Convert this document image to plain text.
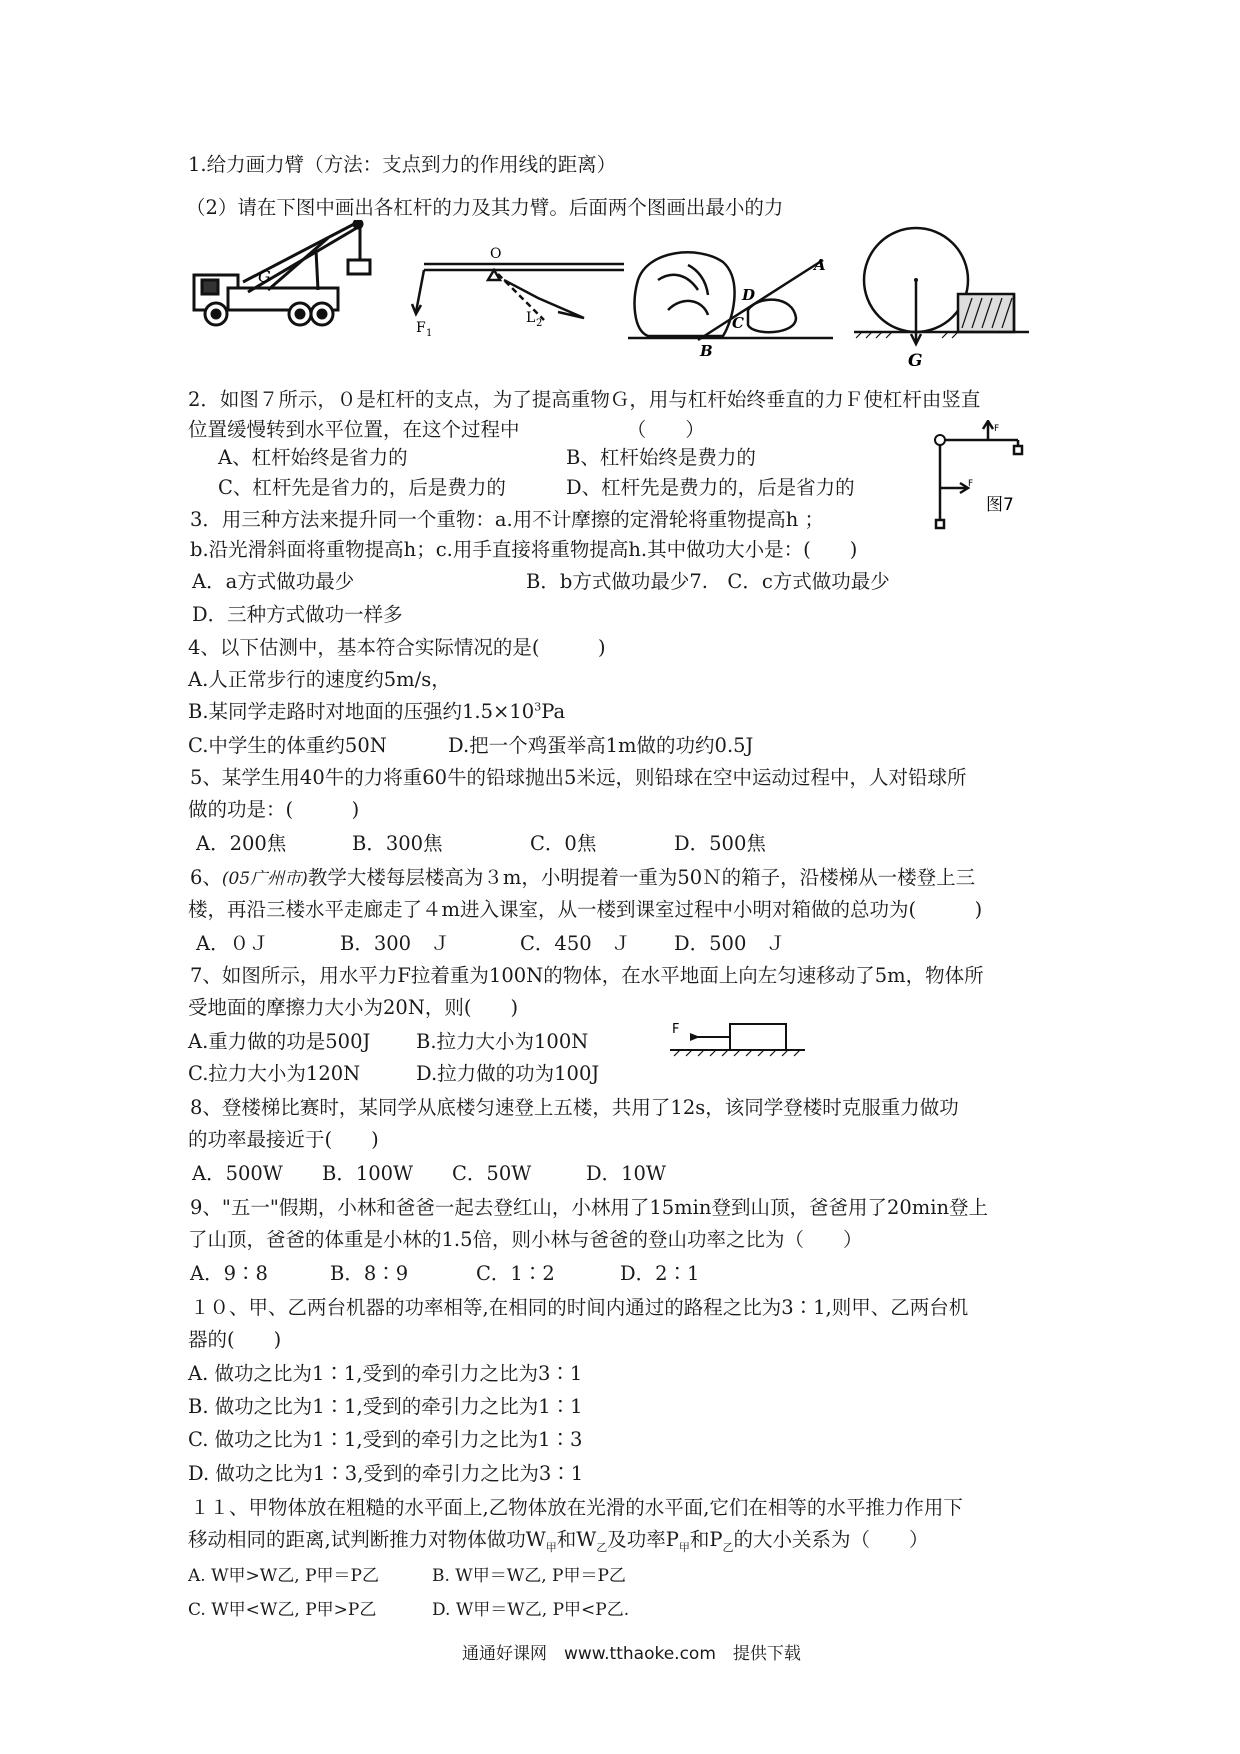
1.给力画力臂（方法：支点到力的作用线的距离）
（2）请在下图中画出各杠杆的力及其力臂。后面两个图画出最小的力
G
O
F 1
L 2
A
B
C
D
G
2．如图７所示，０是杠杆的支点，为了提高重物Ｇ，用与杠杆始终垂直的力Ｆ使杠杆由竖直
位置缓慢转到水平位置，在这个过程中　　　　　　（　　）
A、杠杆始终是省力的	B、杠杆始终是费力的
C、杠杆先是省力的，后是费力的	D、杠杆先是费力的，后是省力的
F
F
图7
3．用三种方法来提升同一个重物：a.用不计摩擦的定滑轮将重物提高h ；
b.沿光滑斜面将重物提高h；c.用手直接将重物提高h.其中做功大小是：(　　)
A．a方式做功最少	B．b方式做功最少7.　C．c方式做功最少
D．三种方式做功一样多
4、以下估测中，基本符合实际情况的是(　　　)
A.人正常步行的速度约5m/s，
B.某同学走路时对地面的压强约$1.5\times 10^3Pa$
C.中学生的体重约50N	D.把一个鸡蛋举高1m做的功约0.5J
5、某学生用40牛的力将重60牛的铅球抛出5米远，则铅球在空中运动过程中，人对铅球所
做的功是：(　　　)
A．200焦	B．300焦	C．0焦	D．500焦
6、(05广州市)教学大楼每层楼高为３m，小明提着一重为50Ｎ的箱子，沿楼梯从一楼登上三
楼，再沿三楼水平走廊走了４m进入课室，从一楼到课室过程中小明对箱做的总功为(　　　)
A．０Ｊ	B．300　Ｊ	C．450　Ｊ D．500　Ｊ
7、如图所示，用水平力F拉着重为100N的物体，在水平地面上向左匀速移动了5m，物体所
受地面的摩擦力大小为20N，则(　　)
A.重力做的功是500J B.拉力大小为100N
C.拉力大小为120N	D.拉力做的功为100J
F
8、登楼梯比赛时，某同学从底楼匀速登上五楼，共用了12s，该同学登楼时克服重力做功
的功率最接近于(　　)
A．500W B．100W C．50W	D．10W
9、"五一"假期，小林和爸爸一起去登红山，小林用了15min登到山顶，爸爸用了20min登上
了山顶，爸爸的体重是小林的1.5倍，则小林与爸爸的登山功率之比为（　　）
A．9∶8	B．8∶9	C．1∶2	D．2∶1
１０、甲、乙两台机器的功率相等,在相同的时间内通过的路程之比为3∶1,则甲、乙两台机
器的(　　)
A. 做功之比为1∶1,受到的牵引力之比为3∶1
B. 做功之比为1∶1,受到的牵引力之比为1∶1
C. 做功之比为1∶1,受到的牵引力之比为1∶3
D. 做功之比为1∶3,受到的牵引力之比为3∶1
１１、甲物体放在粗糙的水平面上,乙物体放在光滑的水平面,它们在相等的水平推力作用下
移动相同的距离,试判断推力对物体做功$W_甲$和$W_乙$及功率$P_甲$和$P_乙$的大小关系为（　　）
A. W甲>W乙, P甲＝P乙	B. W甲＝W乙, P甲＝P乙
C. W甲<W乙, P甲>P乙	D. W甲＝W乙, P甲<P乙.
通通好课网　www.tthaoke.com　提供下载
